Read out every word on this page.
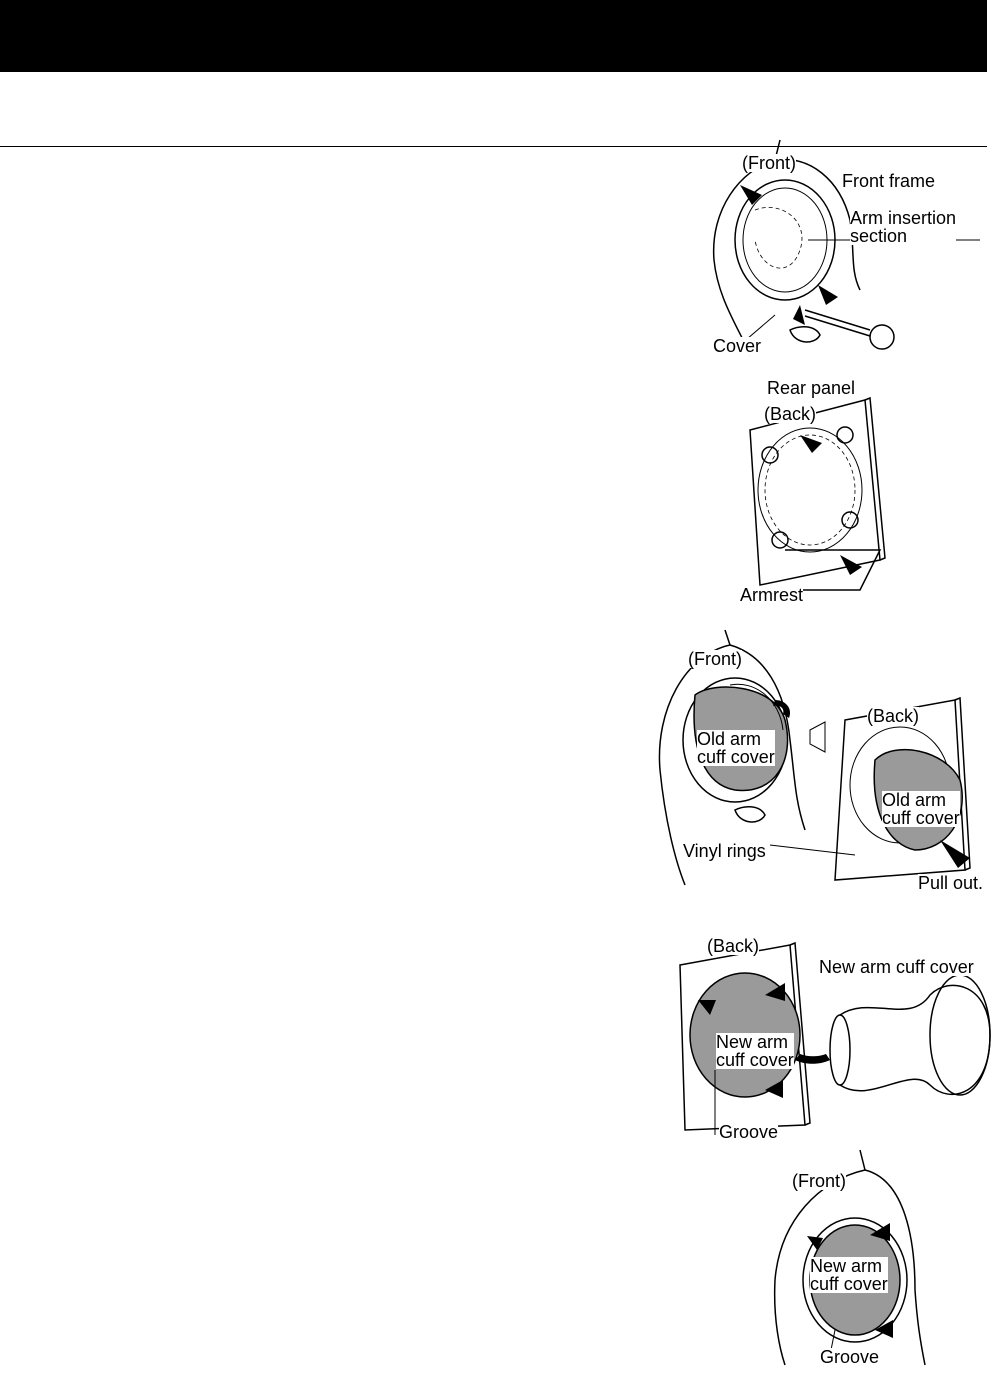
(Front)
Front frame
Arm insertion
section
Cover
Rear panel
(Back)
Armrest
(Front)
(Back)
Old arm
cuff cover
Old arm
cuff cover
Vinyl rings
Pull out.
(Back)
New arm cuff cover
New arm
cuff cover
Groove
(Front)
New arm
cuff cover
Groove
